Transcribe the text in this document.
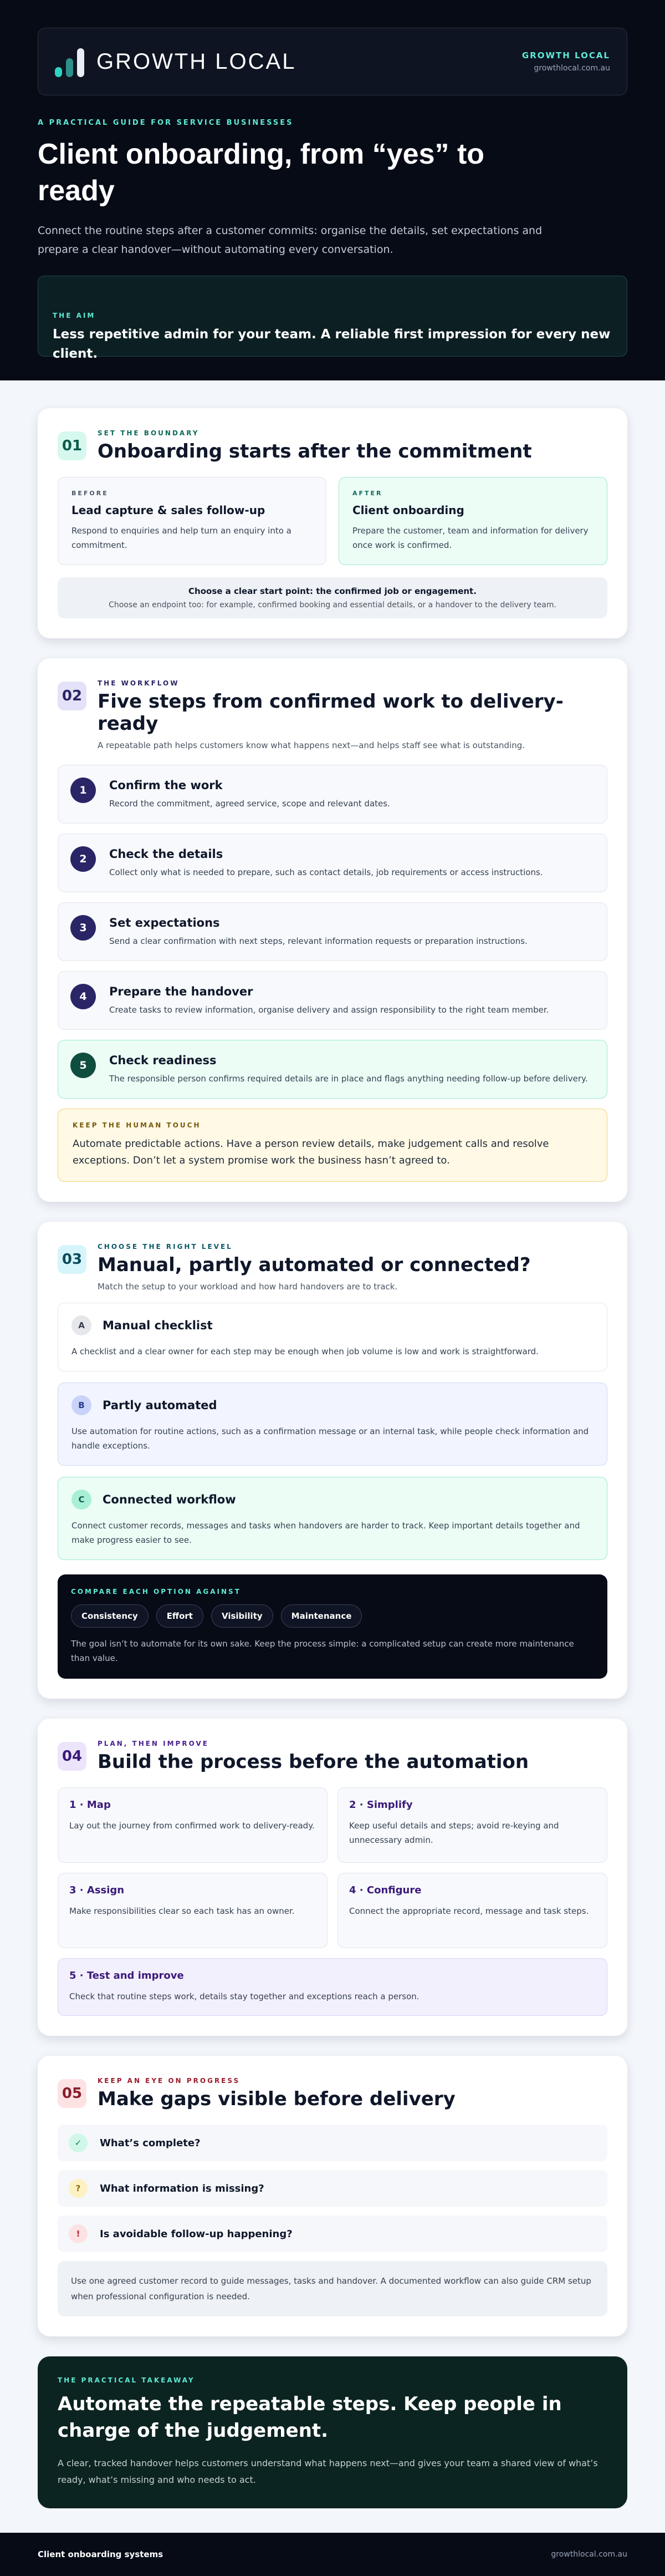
GROWTH LOCAL	GROWTH LOCAL
growthlocal.com.au
A PRACTICAL GUIDE FOR SERVICE BUSINESSES
Client onboarding, from “yes” to ready

Connect the routine steps after a customer commits: organise the details, set expectations and prepare a clear handover—without automating every conversation.

THE AIM

Less repetitive admin for your team. A reliable first impression for every new client.

01
SET THE BOUNDARY
Onboarding starts after the commitment
BEFORE
Lead capture & sales follow-up

Respond to enquiries and help turn an enquiry into a commitment.

AFTER
Client onboarding

Prepare the customer, team and information for delivery once work is confirmed.

Choose a clear start point: the confirmed job or engagement.
Choose an endpoint too: for example, confirmed booking and essential details, or a handover to the delivery team.
02
THE WORKFLOW
Five steps from confirmed work to delivery-ready

A repeatable path helps customers know what happens next—and helps staff see what is outstanding.

1	Confirm the work

Record the commitment, agreed service, scope and relevant dates.

2	Check the details

Collect only what is needed to prepare, such as contact details, job requirements or access instructions.

3	Set expectations

Send a clear confirmation with next steps, relevant information requests or preparation instructions.

4	Prepare the handover

Create tasks to review information, organise delivery and assign responsibility to the right team member.

5	Check readiness

The responsible person confirms required details are in place and flags anything needing follow-up before delivery.

KEEP THE HUMAN TOUCH

Automate predictable actions. Have a person review details, make judgement calls and resolve exceptions. Don’t let a system promise work the business hasn’t agreed to.

03
CHOOSE THE RIGHT LEVEL
Manual, partly automated or connected?

Match the setup to your workload and how hard handovers are to track.

A	Manual checklist

A checklist and a clear owner for each step may be enough when job volume is low and work is straightforward.

B	Partly automated

Use automation for routine actions, such as a confirmation message or an internal task, while people check information and handle exceptions.

C	Connected workflow

Connect customer records, messages and tasks when handovers are harder to track. Keep important details together and make progress easier to see.

COMPARE EACH OPTION AGAINST
Consistency	Effort	Visibility	Maintenance

The goal isn’t to automate for its own sake. Keep the process simple: a complicated setup can create more maintenance than value.

04
PLAN, THEN IMPROVE
Build the process before the automation
1 · Map

Lay out the journey from confirmed work to delivery-ready.

2 · Simplify

Keep useful details and steps; avoid re-keying and unnecessary admin.

3 · Assign

Make responsibilities clear so each task has an owner.

4 · Configure

Connect the appropriate record, message and task steps.

5 · Test and improve

Check that routine steps work, details stay together and exceptions reach a person.

05
KEEP AN EYE ON PROGRESS
Make gaps visible before delivery
✓	What’s complete?
?	What information is missing?
!	Is avoidable follow-up happening?

Use one agreed customer record to guide messages, tasks and handover. A documented workflow can also guide CRM setup when professional configuration is needed.

THE PRACTICAL TAKEAWAY
Automate the repeatable steps. Keep people in charge of the judgement.

A clear, tracked handover helps customers understand what happens next—and gives your team a shared view of what’s ready, what’s missing and who needs to act.

Client onboarding systems	growthlocal.com.au
